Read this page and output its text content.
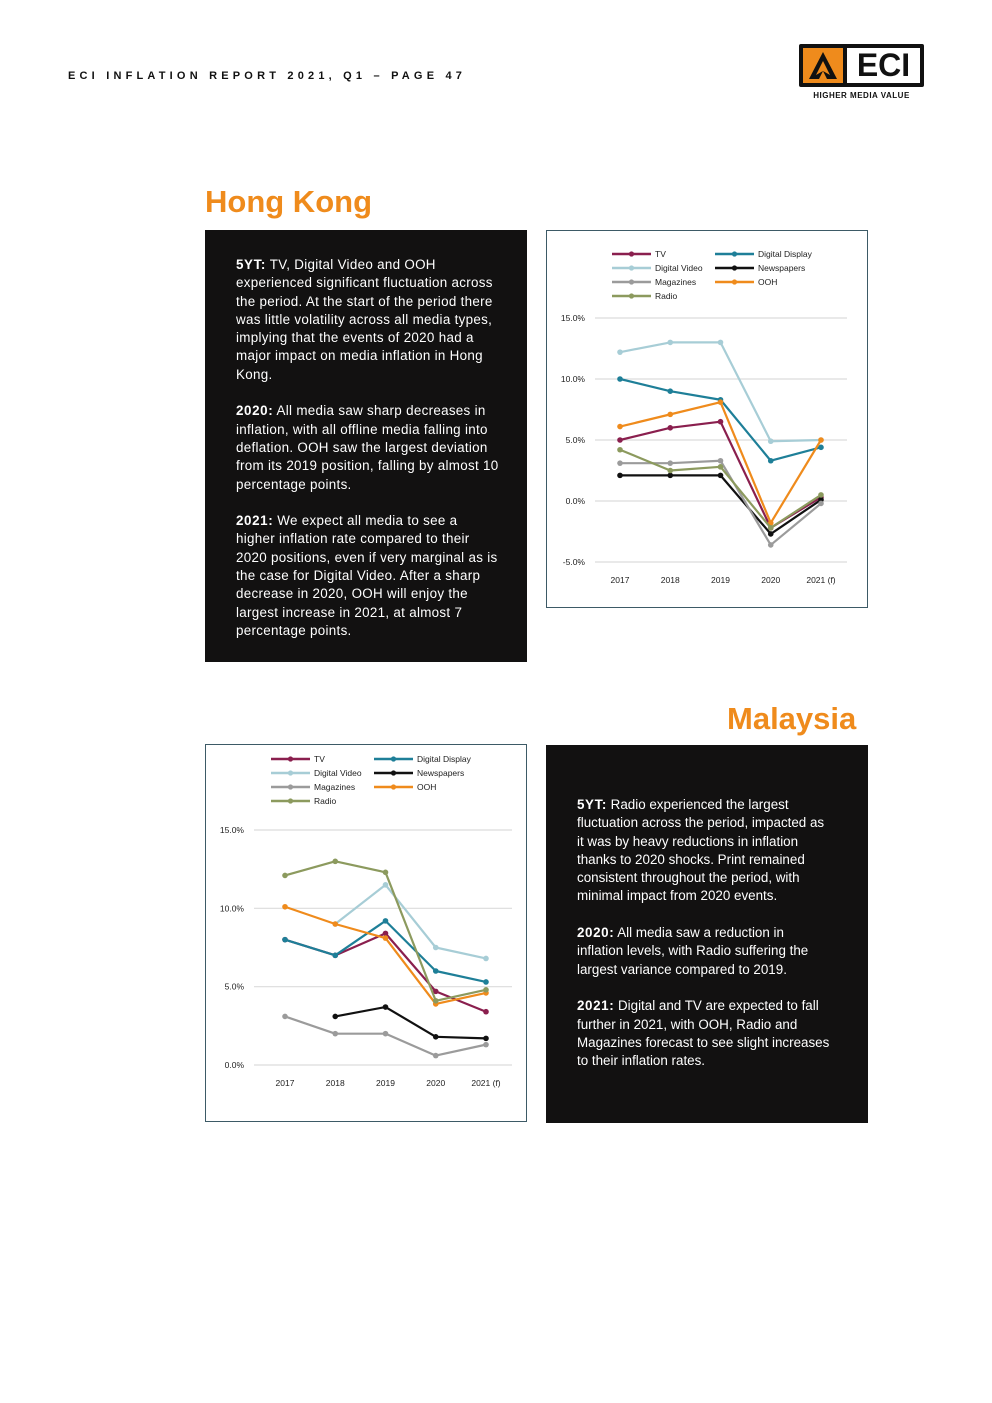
ECI INFLATION REPORT 2021, Q1 – PAGE 47	ECI
HIGHER MEDIA VALUE
Hong Kong

5YT: TV, Digital Video and OOH experienced significant fluctuation across the period. At the start of the period there was little volatility across all media types, implying that the events of 2020 had a major impact on media inflation in Hong Kong.

2020: All media saw sharp decreases in inflation, with all offline media falling into deflation. OOH saw the largest deviation from its 2019 position, falling by almost 10 percentage points.

2021: We expect all media to see a higher inflation rate compared to their 2020 positions, even if very marginal as is the case for Digital Video. After a sharp decrease in 2020, OOH will enjoy the largest increase in 2021, at almost 7 percentage points.

-5.0%
0.0%
5.0%
10.0%
15.0%
2017	2018	2019	2020	2021 (f)
TV	Digital Display
Digital Video	Newspapers
Magazines	OOH
Radio
Malaysia
0.0%
5.0%
10.0%
15.0%
2017	2018	2019	2020	2021 (f)
TV	Digital Display
Digital Video	Newspapers
Magazines	OOH
Radio	5YT: Radio experienced the largest fluctuation across the period, impacted as it was by heavy reductions in inflation thanks to 2020 shocks. Print remained consistent throughout the period, with minimal impact from 2020 events.

2020: All media saw a reduction in inflation levels, with Radio suffering the largest variance compared to 2019.

2021: Digital and TV are expected to fall further in 2021, with OOH, Radio and Magazines forecast to see slight increases to their inflation rates.
